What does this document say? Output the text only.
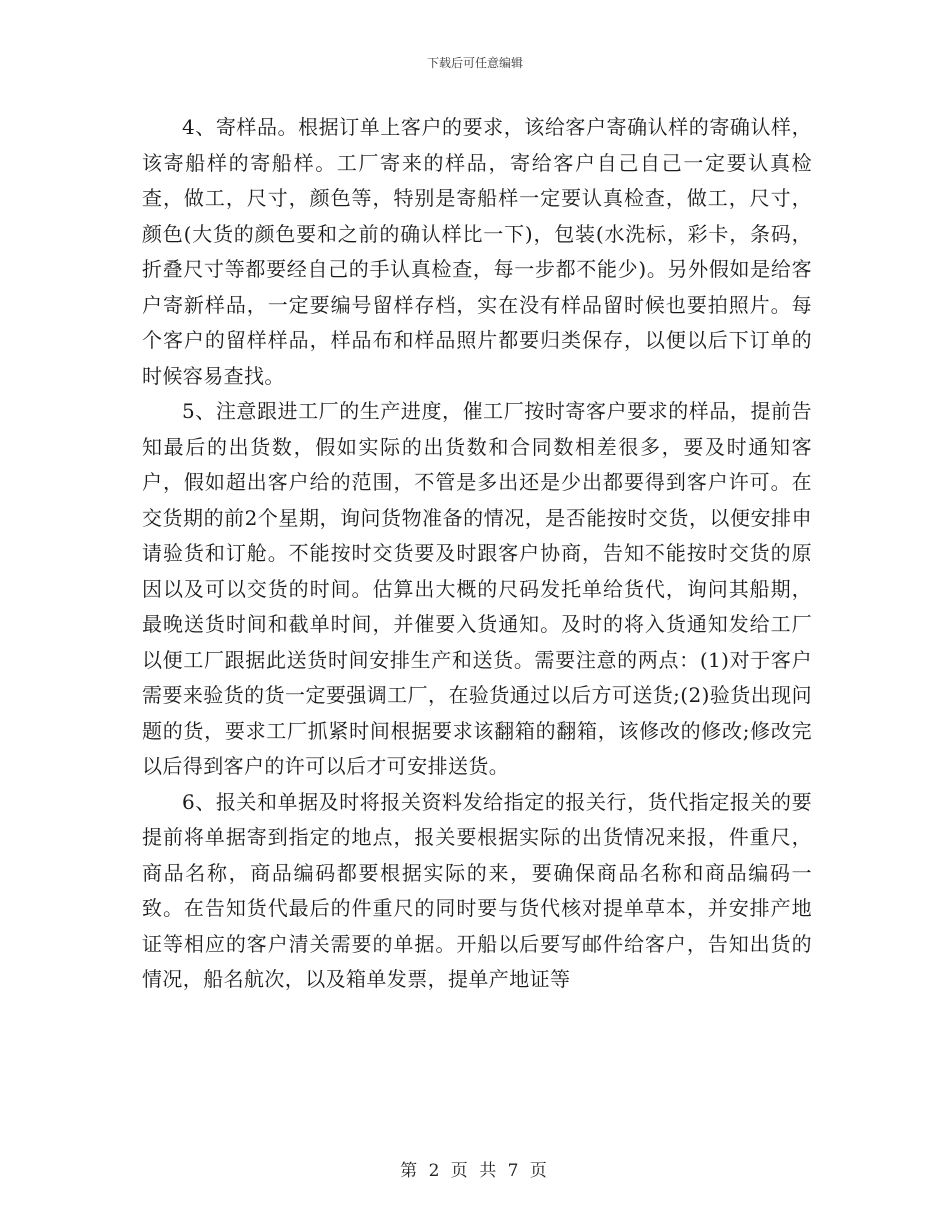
下载后可任意编辑

4、寄样品。根据订单上客户的要求，该给客户寄确认样的寄确认样，该寄船样的寄船样。工厂寄来的样品，寄给客户自己自己一定要认真检查，做工，尺寸，颜色等，特别是寄船样一定要认真检查，做工，尺寸，颜色(大货的颜色要和之前的确认样比一下)，包装(水洗标，彩卡，条码，折叠尺寸等都要经自己的手认真检查，每一步都不能少)。另外假如是给客户寄新样品，一定要编号留样存档，实在没有样品留时候也要拍照片。每个客户的留样样品，样品布和样品照片都要归类保存，以便以后下订单的时候容易查找。

5、注意跟进工厂的生产进度，催工厂按时寄客户要求的样品，提前告知最后的出货数，假如实际的出货数和合同数相差很多，要及时通知客户，假如超出客户给的范围，不管是多出还是少出都要得到客户许可。在交货期的前2个星期，询问货物准备的情况，是否能按时交货，以便安排申请验货和订舱。不能按时交货要及时跟客户协商，告知不能按时交货的原因以及可以交货的时间。估算出大概的尺码发托单给货代，询问其船期，最晚送货时间和截单时间，并催要入货通知。及时的将入货通知发给工厂以便工厂跟据此送货时间安排生产和送货。需要注意的两点：(1)对于客户需要来验货的货一定要强调工厂，在验货通过以后方可送货;(2)验货出现问题的货，要求工厂抓紧时间根据要求该翻箱的翻箱，该修改的修改;修改完以后得到客户的许可以后才可安排送货。

6、报关和单据及时将报关资料发给指定的报关行，货代指定报关的要提前将单据寄到指定的地点，报关要根据实际的出货情况来报，件重尺，商品名称，商品编码都要根据实际的来，要确保商品名称和商品编码一致。在告知货代最后的件重尺的同时要与货代核对提单草本，并安排产地证等相应的客户清关需要的单据。开船以后要写邮件给客户，告知出货的情况，船名航次，以及箱单发票，提单产地证等

第 2 页 共 7 页
